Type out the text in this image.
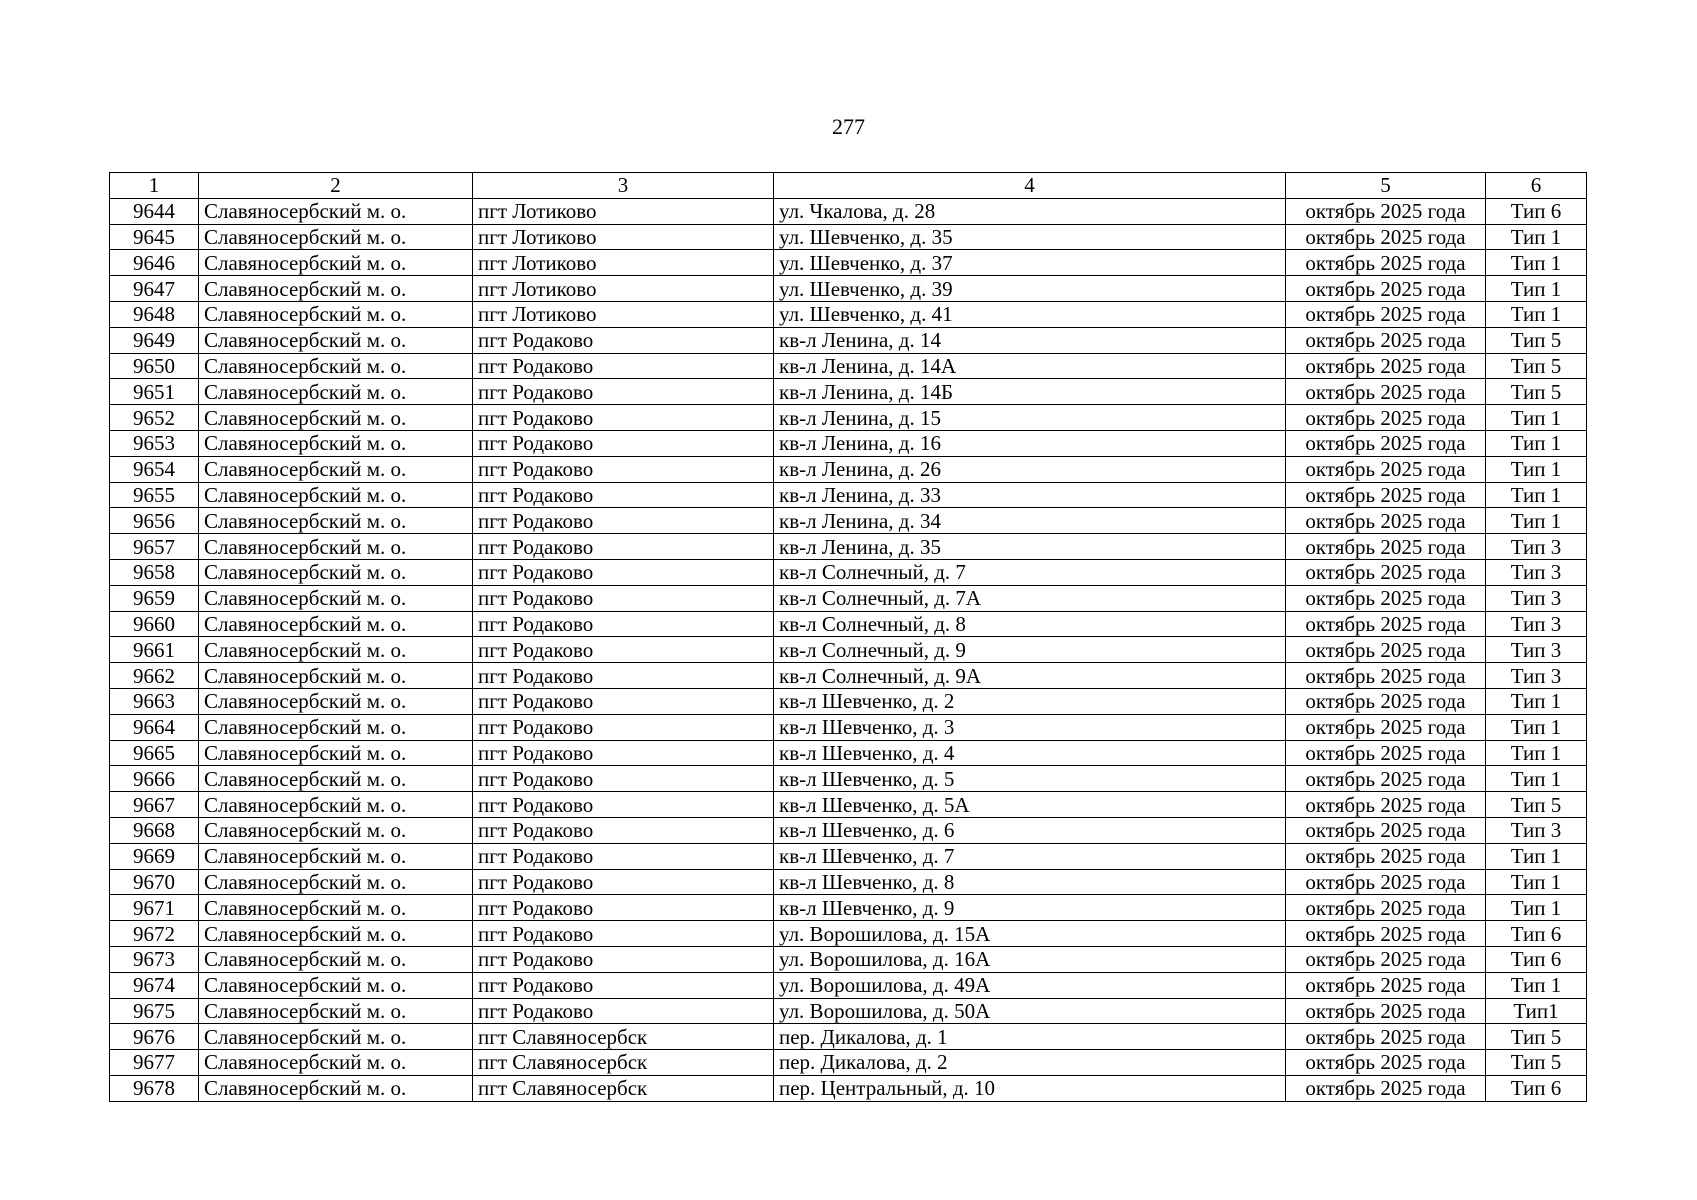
277
1	2	3	4	5	6
9644	Славяносербский м. о.	пгт Лотиково	ул. Чкалова, д. 28	октябрь 2025 года	Тип 6
9645	Славяносербский м. о.	пгт Лотиково	ул. Шевченко, д. 35	октябрь 2025 года	Тип 1
9646	Славяносербский м. о.	пгт Лотиково	ул. Шевченко, д. 37	октябрь 2025 года	Тип 1
9647	Славяносербский м. о.	пгт Лотиково	ул. Шевченко, д. 39	октябрь 2025 года	Тип 1
9648	Славяносербский м. о.	пгт Лотиково	ул. Шевченко, д. 41	октябрь 2025 года	Тип 1
9649	Славяносербский м. о.	пгт Родаково	кв-л Ленина, д. 14	октябрь 2025 года	Тип 5
9650	Славяносербский м. о.	пгт Родаково	кв-л Ленина, д. 14А	октябрь 2025 года	Тип 5
9651	Славяносербский м. о.	пгт Родаково	кв-л Ленина, д. 14Б	октябрь 2025 года	Тип 5
9652	Славяносербский м. о.	пгт Родаково	кв-л Ленина, д. 15	октябрь 2025 года	Тип 1
9653	Славяносербский м. о.	пгт Родаково	кв-л Ленина, д. 16	октябрь 2025 года	Тип 1
9654	Славяносербский м. о.	пгт Родаково	кв-л Ленина, д. 26	октябрь 2025 года	Тип 1
9655	Славяносербский м. о.	пгт Родаково	кв-л Ленина, д. 33	октябрь 2025 года	Тип 1
9656	Славяносербский м. о.	пгт Родаково	кв-л Ленина, д. 34	октябрь 2025 года	Тип 1
9657	Славяносербский м. о.	пгт Родаково	кв-л Ленина, д. 35	октябрь 2025 года	Тип 3
9658	Славяносербский м. о.	пгт Родаково	кв-л Солнечный, д. 7	октябрь 2025 года	Тип 3
9659	Славяносербский м. о.	пгт Родаково	кв-л Солнечный, д. 7А	октябрь 2025 года	Тип 3
9660	Славяносербский м. о.	пгт Родаково	кв-л Солнечный, д. 8	октябрь 2025 года	Тип 3
9661	Славяносербский м. о.	пгт Родаково	кв-л Солнечный, д. 9	октябрь 2025 года	Тип 3
9662	Славяносербский м. о.	пгт Родаково	кв-л Солнечный, д. 9А	октябрь 2025 года	Тип 3
9663	Славяносербский м. о.	пгт Родаково	кв-л Шевченко, д. 2	октябрь 2025 года	Тип 1
9664	Славяносербский м. о.	пгт Родаково	кв-л Шевченко, д. 3	октябрь 2025 года	Тип 1
9665	Славяносербский м. о.	пгт Родаково	кв-л Шевченко, д. 4	октябрь 2025 года	Тип 1
9666	Славяносербский м. о.	пгт Родаково	кв-л Шевченко, д. 5	октябрь 2025 года	Тип 1
9667	Славяносербский м. о.	пгт Родаково	кв-л Шевченко, д. 5А	октябрь 2025 года	Тип 5
9668	Славяносербский м. о.	пгт Родаково	кв-л Шевченко, д. 6	октябрь 2025 года	Тип 3
9669	Славяносербский м. о.	пгт Родаково	кв-л Шевченко, д. 7	октябрь 2025 года	Тип 1
9670	Славяносербский м. о.	пгт Родаково	кв-л Шевченко, д. 8	октябрь 2025 года	Тип 1
9671	Славяносербский м. о.	пгт Родаково	кв-л Шевченко, д. 9	октябрь 2025 года	Тип 1
9672	Славяносербский м. о.	пгт Родаково	ул. Ворошилова, д. 15А	октябрь 2025 года	Тип 6
9673	Славяносербский м. о.	пгт Родаково	ул. Ворошилова, д. 16А	октябрь 2025 года	Тип 6
9674	Славяносербский м. о.	пгт Родаково	ул. Ворошилова, д. 49А	октябрь 2025 года	Тип 1
9675	Славяносербский м. о.	пгт Родаково	ул. Ворошилова, д. 50А	октябрь 2025 года	Тип1
9676	Славяносербский м. о.	пгт Славяносербск	пер. Дикалова, д. 1	октябрь 2025 года	Тип 5
9677	Славяносербский м. о.	пгт Славяносербск	пер. Дикалова, д. 2	октябрь 2025 года	Тип 5
9678	Славяносербский м. о.	пгт Славяносербск	пер. Центральный, д. 10	октябрь 2025 года	Тип 6
